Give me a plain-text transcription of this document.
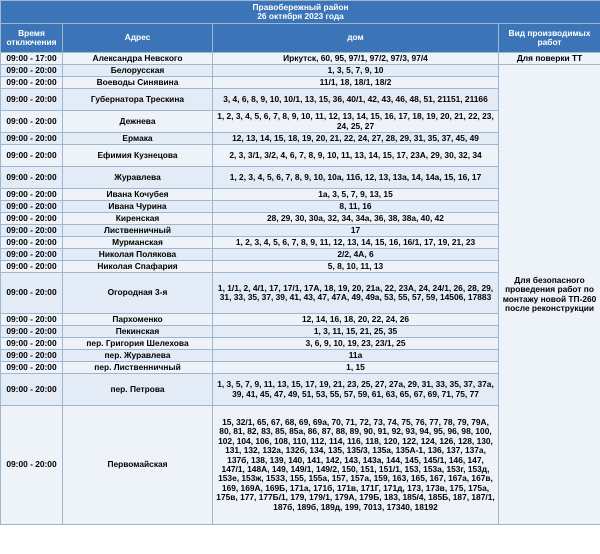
Правобережный район
26 октября 2023 года			

Время отключения	Адрес	дом	Вид производимых работ
09:00 - 17:00	Александра Невского	Иркутск, 60, 95, 97/1, 97/2, 97/3, 97/4	Для поверки ТТ
09:00 - 20:00	Белорусская	1, 3, 5, 7, 9, 10	Для безопасного проведения работ по монтажу новой ТП-260 после реконструкции
09:00 - 20:00	Воеводы Синявина	11/1, 18, 18/1, 18/2	
09:00 - 20:00	Губернатора Трескина	3, 4, 6, 8, 9, 10, 10/1, 13, 15, 36, 40/1, 42, 43, 46, 48, 51, 21151, 21166	
09:00 - 20:00	Дежнева	1, 2, 3, 4, 5, 6, 7, 8, 9, 10, 11, 12, 13, 14, 15, 16, 17, 18, 19, 20, 21, 22, 23, 24, 25, 27	
09:00 - 20:00	Ермака	12, 13, 14, 15, 18, 19, 20, 21, 22, 24, 27, 28, 29, 31, 35, 37, 45, 49	
09:00 - 20:00	Ефимия Кузнецова	2, 3, 3/1, 3/2, 4, 6, 7, 8, 9, 10, 11, 13, 14, 15, 17, 23А, 29, 30, 32, 34	
09:00 - 20:00	Журавлева	1, 2, 3, 4, 5, 6, 7, 8, 9, 10, 10а, 11б, 12, 13, 13а, 14, 14а, 15, 16, 17	
09:00 - 20:00	Ивана Кочубея	1а, 3, 5, 7, 9, 13, 15	
09:00 - 20:00	Ивана Чурина	8, 11, 16	
09:00 - 20:00	Киренская	28, 29, 30, 30а, 32, 34, 34а, 36, 38, 38а, 40, 42	
09:00 - 20:00	Лиственничный	17	
09:00 - 20:00	Мурманская	1, 2, 3, 4, 5, 6, 7, 8, 9, 11, 12, 13, 14, 15, 16, 16/1, 17, 19, 21, 23	
09:00 - 20:00	Николая Полякова	2/2, 4А, 6	
09:00 - 20:00	Николая Спафария	5, 8, 10, 11, 13	
09:00 - 20:00	Огородная 3-я	1, 1/1, 2, 4/1, 17, 17/1, 17А, 18, 19, 20, 21а, 22, 23А, 24, 24/1, 26, 28, 29, 31, 33, 35, 37, 39, 41, 43, 47, 47А, 49, 49а, 53, 55, 57, 59, 14506, 17883	
09:00 - 20:00	Пархоменко	12, 14, 16, 18, 20, 22, 24, 26	
09:00 - 20:00	Пекинская	1, 3, 11, 15, 21, 25, 35	
09:00 - 20:00	пер. Григория Шелехова	3, 6, 9, 10, 19, 23, 23/1, 25	
09:00 - 20:00	пер. Журавлева	11а	
09:00 - 20:00	пер. Лиственничный	1, 15	
09:00 - 20:00	пер. Петрова	1, 3, 5, 7, 9, 11, 13, 15, 17, 19, 21, 23, 25, 27, 27а, 29, 31, 33, 35, 37, 37а, 39, 41, 45, 47, 49, 51, 53, 55, 57, 59, 61, 63, 65, 67, 69, 71, 75, 77	
09:00 - 20:00	Первомайская	15, 32/1, 65, 67, 68, 69, 69а, 70, 71, 72, 73, 74, 75, 76, 77, 78, 79, 79А, 80, 81, 82, 83, 85, 85а, 86, 87, 88, 89, 90, 91, 92, 93, 94, 95, 96, 98, 100, 102, 104, 106, 108, 110, 112, 114, 116, 118, 120, 122, 124, 126, 128, 130, 131, 132, 132а, 132б, 134, 135, 135/3, 135а, 135А-1, 136, 137, 137а, 137б, 138, 139, 140, 141, 142, 143, 143а, 144, 145, 145/1, 146, 147, 147/1, 148А, 149, 149/1, 149/2, 150, 151, 151/1, 153, 153а, 153г, 153д, 153е, 153ж, 153З, 155, 155а, 157, 157а, 159, 163, 165, 167, 167а, 167в, 169, 169А, 169Б, 171а, 171б, 171в, 171Г, 171д, 173, 173в, 175, 175а, 175в, 177, 177Б/1, 179, 179/1, 179А, 179Б, 183, 185/4, 185Б, 187, 187/1, 187б, 189б, 189д, 199, 7013, 17340, 18192	
